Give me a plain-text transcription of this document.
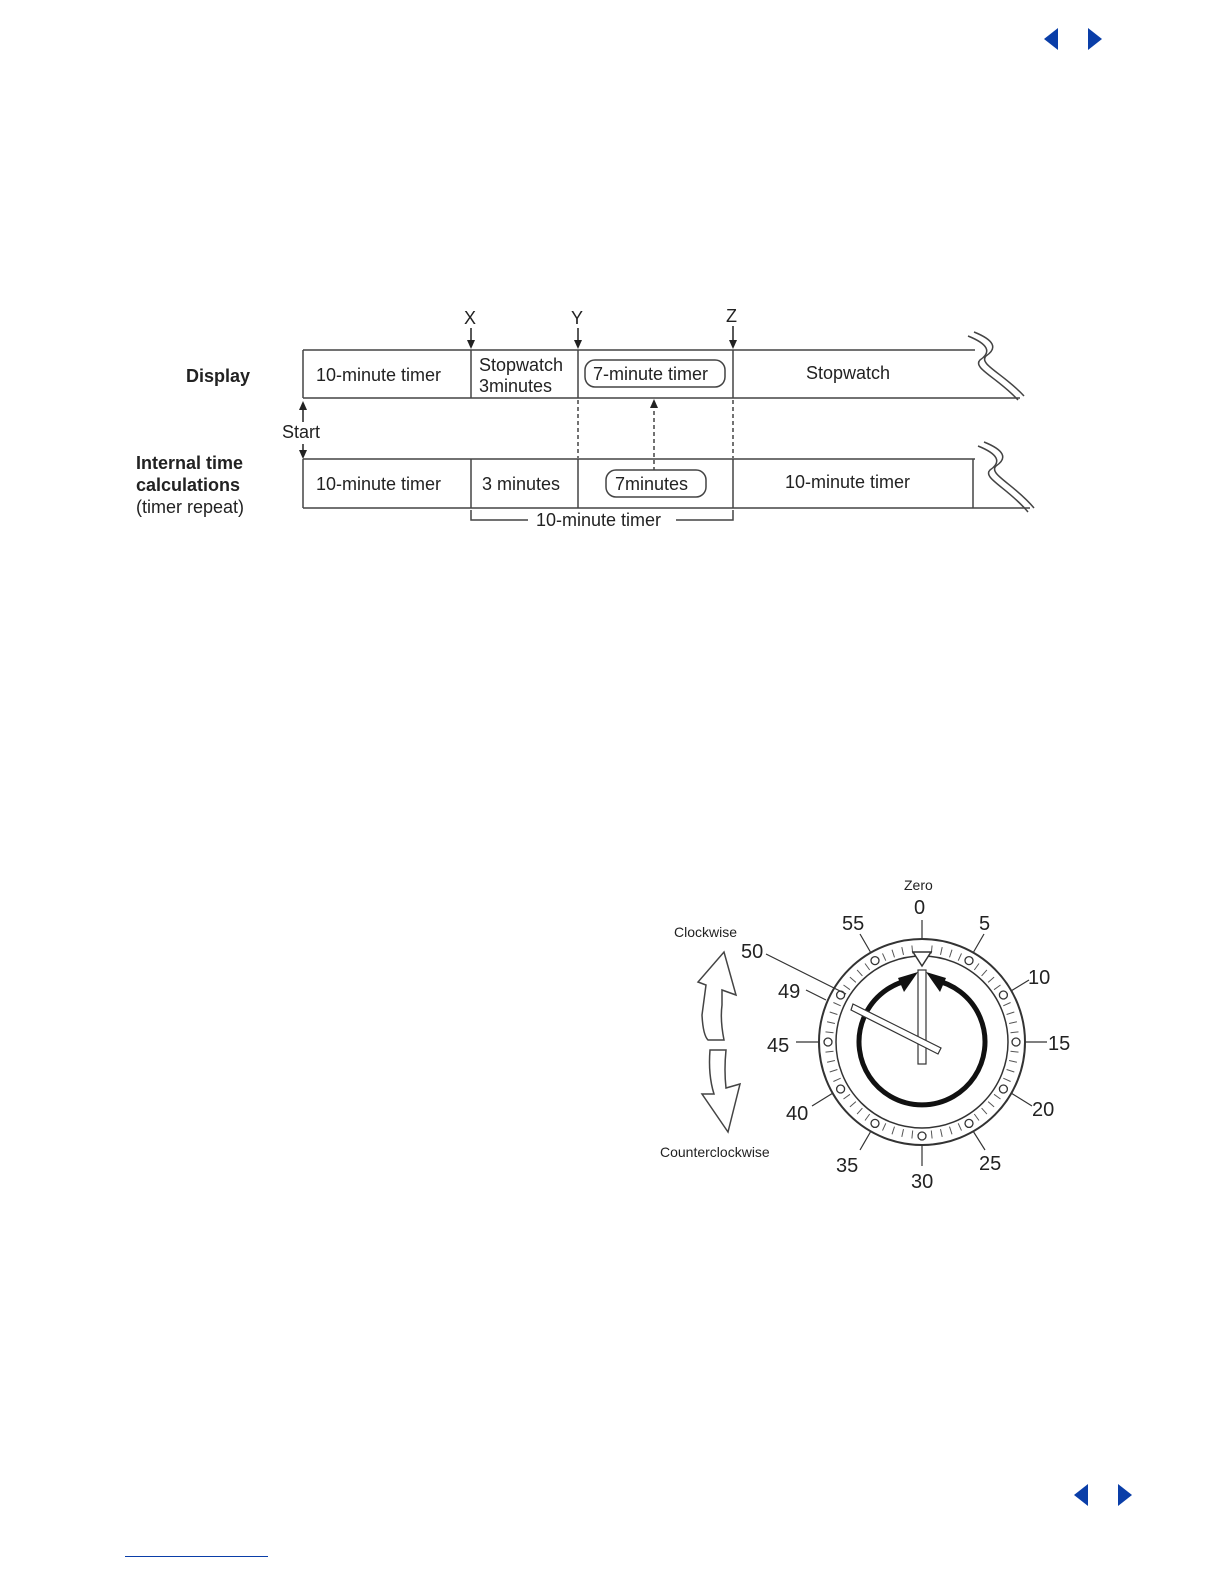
X	Y	Z
Display
Internal time
calculations
(timer repeat)
10-minute timer Stopwatch
3minutes
7-minute timer	Stopwatch
Start
10-minute timer 3 minutes	7minutes	10-minute timer
10-minute timer
Zero
0
5
10
15
20
25
30
35
40
45
49
50
55
Clockwise
Counterclockwise
